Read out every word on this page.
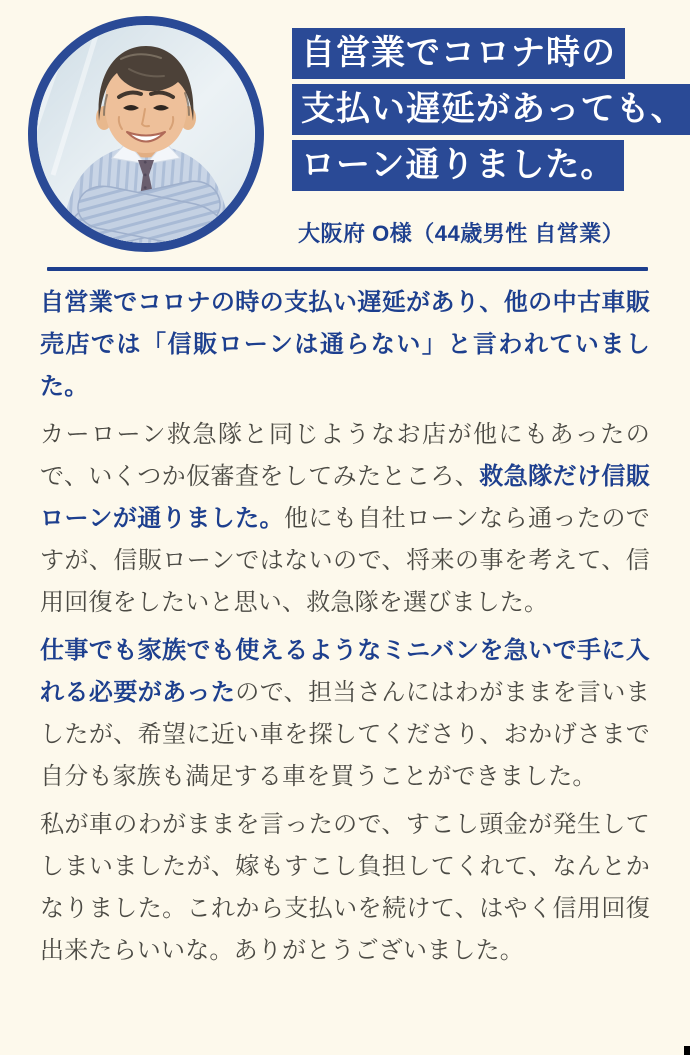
自営業でコロナ時の
支払い遅延があっても、
ローン通りました。
大阪府 O様（44歳男性 自営業）

自営業でコロナの時の支払い遅延があり、他の中古車販売店では「信販ローンは通らない」と言われていました。

カーローン救急隊と同じようなお店が他にもあったので、いくつか仮審査をしてみたところ、救急隊だけ信販ローンが通りました。他にも自社ローンなら通ったのですが、信販ローンではないので、将来の事を考えて、信用回復をしたいと思い、救急隊を選びました。

仕事でも家族でも使えるようなミニバンを急いで手に入れる必要があったので、担当さんにはわがままを言いましたが、希望に近い車を探してくださり、おかげさまで自分も家族も満足する車を買うことができました。

私が車のわがままを言ったので、すこし頭金が発生してしまいましたが、嫁もすこし負担してくれて、なんとかなりました。これから支払いを続けて、はやく信用回復出来たらいいな。ありがとうございました。
